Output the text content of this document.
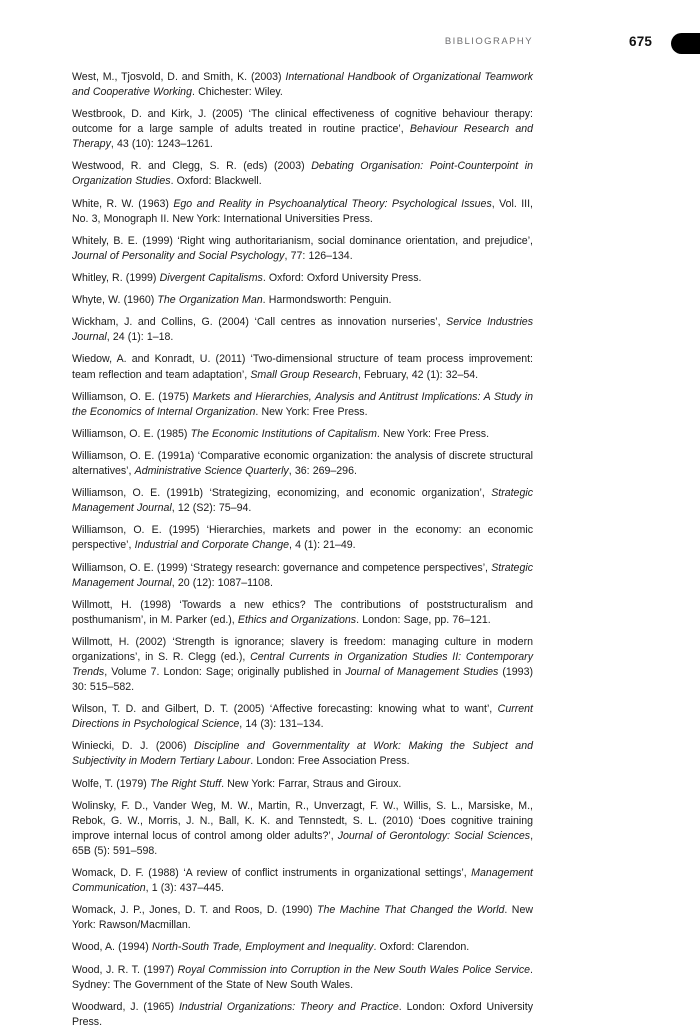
BIBLIOGRAPHY	675

West, M., Tjosvold, D. and Smith, K. (2003) International Handbook of Organizational Teamwork and Cooperative Working. Chichester: Wiley.

Westbrook, D. and Kirk, J. (2005) ‘The clinical effectiveness of cognitive behaviour therapy: outcome for a large sample of adults treated in routine practice’, Behaviour Research and Therapy, 43 (10): 1243–1261.

Westwood, R. and Clegg, S. R. (eds) (2003) Debating Organisation: Point-Counterpoint in Organization Studies. Oxford: Blackwell.

White, R. W. (1963) Ego and Reality in Psychoanalytical Theory: Psychological Issues, Vol. III, No. 3, Monograph II. New York: International Universities Press.

Whitely, B. E. (1999) ‘Right wing authoritarianism, social dominance orientation, and prejudice’, Journal of Personality and Social Psychology, 77: 126–134.

Whitley, R. (1999) Divergent Capitalisms. Oxford: Oxford University Press.

Whyte, W. (1960) The Organization Man. Harmondsworth: Penguin.

Wickham, J. and Collins, G. (2004) ‘Call centres as innovation nurseries’, Service Industries Journal, 24 (1): 1–18.

Wiedow, A. and Konradt, U. (2011) ‘Two-dimensional structure of team process improvement: team reflection and team adaptation’, Small Group Research, February, 42 (1): 32–54.

Williamson, O. E. (1975) Markets and Hierarchies, Analysis and Antitrust Implications: A Study in the Economics of Internal Organization. New York: Free Press.

Williamson, O. E. (1985) The Economic Institutions of Capitalism. New York: Free Press.

Williamson, O. E. (1991a) ‘Comparative economic organization: the analysis of discrete structural alternatives’, Administrative Science Quarterly, 36: 269–296.

Williamson, O. E. (1991b) ‘Strategizing, economizing, and economic organization’, Strategic Management Journal, 12 (S2): 75–94.

Williamson, O. E. (1995) ‘Hierarchies, markets and power in the economy: an economic perspective’, Industrial and Corporate Change, 4 (1): 21–49.

Williamson, O. E. (1999) ‘Strategy research: governance and competence perspectives’, Strategic Management Journal, 20 (12): 1087–1108.

Willmott, H. (1998) ‘Towards a new ethics? The contributions of poststructuralism and posthumanism’, in M. Parker (ed.), Ethics and Organizations. London: Sage, pp. 76–121.

Willmott, H. (2002) ‘Strength is ignorance; slavery is freedom: managing culture in modern organizations’, in S. R. Clegg (ed.), Central Currents in Organization Studies II: Contemporary Trends, Volume 7. London: Sage; originally published in Journal of Management Studies (1993) 30: 515–582.

Wilson, T. D. and Gilbert, D. T. (2005) ‘Affective forecasting: knowing what to want’, Current Directions in Psychological Science, 14 (3): 131–134.

Winiecki, D. J. (2006) Discipline and Governmentality at Work: Making the Subject and Subjectivity in Modern Tertiary Labour. London: Free Association Press.

Wolfe, T. (1979) The Right Stuff. New York: Farrar, Straus and Giroux.

Wolinsky, F. D., Vander Weg, M. W., Martin, R., Unverzagt, F. W., Willis, S. L., Marsiske, M., Rebok, G. W., Morris, J. N., Ball, K. K. and Tennstedt, S. L. (2010) ‘Does cognitive training improve internal locus of control among older adults?’, Journal of Gerontology: Social Sciences, 65B (5): 591–598.

Womack, D. F. (1988) ‘A review of conflict instruments in organizational settings’, Management Communication, 1 (3): 437–445.

Womack, J. P., Jones, D. T. and Roos, D. (1990) The Machine That Changed the World. New York: Rawson/Macmillan.

Wood, A. (1994) North-South Trade, Employment and Inequality. Oxford: Clarendon.

Wood, J. R. T. (1997) Royal Commission into Corruption in the New South Wales Police Service. Sydney: The Government of the State of New South Wales.

Woodward, J. (1965) Industrial Organizations: Theory and Practice. London: Oxford University Press.
